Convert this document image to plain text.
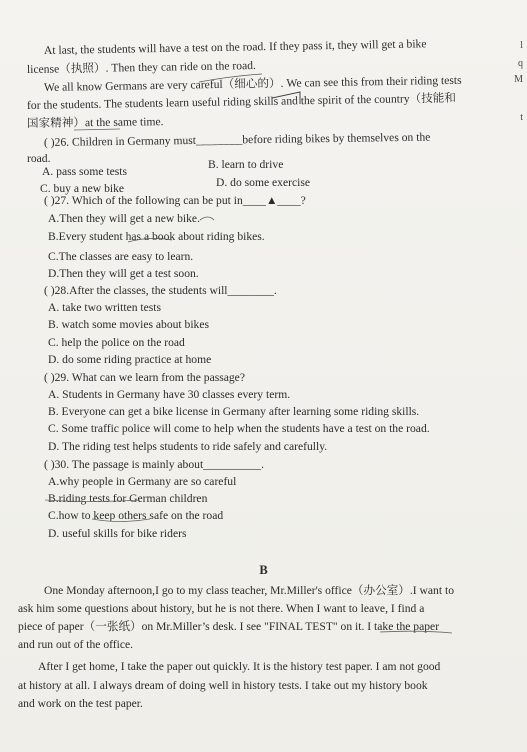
At last, the students will have a test on the road. If they pass it, they will get a bike
license（执照）. Then they can ride on the road.
We all know Germans are very careful（细心的）. We can see this from their riding tests
for the students. The students learn useful riding skills and the spirit of the country（技能和
国家精神）at the same time.
( )26. Children in Germany must________before riding bikes by themselves on the
road.
A. pass some tests
B. learn to drive
C. buy a new bike	D. do some exercise
( )27. Which of the following can be put in____▲____?
A.Then they will get a new bike.
B.Every student has a book about riding bikes.
C.The classes are easy to learn.
D.Then they will get a test soon.
( )28.After the classes, the students will________.
A. take two written tests
B. watch some movies about bikes
C. help the police on the road
D. do some riding practice at home
( )29. What can we learn from the passage?
A. Students in Germany have 30 classes every term.
B. Everyone can get a bike license in Germany after learning some riding skills.
C. Some traffic police will come to help when the students have a test on the road.
D. The riding test helps students to ride safely and carefully.
( )30. The passage is mainly about__________.
A.why people in Germany are so careful
B.riding tests for German children
C.how to keep others safe on the road
D. useful skills for bike riders
B
One Monday afternoon,I go to my class teacher, Mr.Miller's office（办公室）.I want to
ask him some questions about history, but he is not there. When I want to leave, I find a
piece of paper（一张纸）on Mr.Miller’s desk. I see "FINAL TEST" on it. I take the paper
and run out of the office.
After I get home, I take the paper out quickly. It is the history test paper. I am not good
at history at all. I always dream of doing well in history tests. I take out my history book
and work on the test paper.
l
q
M
t
